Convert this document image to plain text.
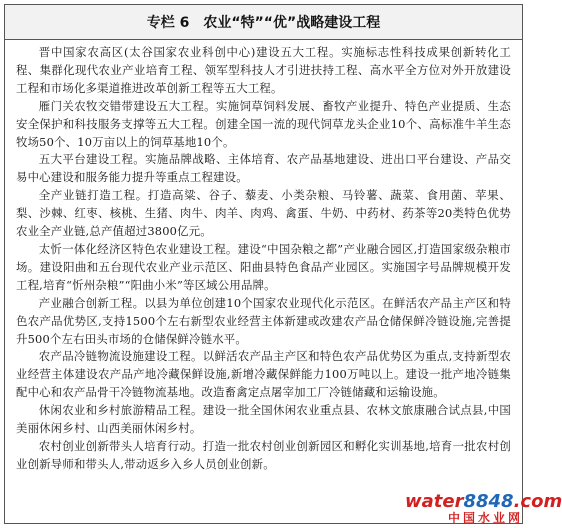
专栏 6 农业“特”“优”战略建设工程

晋中国家农高区(太谷国家农业科创中心)建设五大工程。实施标志性科技成果创新转化工程、集群化现代农业产业培育工程、领军型科技人才引进扶持工程、高水平全方位对外开放建设工程和市场化多渠道推进改革创新工程等五大工程。

雁门关农牧交错带建设五大工程。实施饲草饲料发展、畜牧产业提升、特色产业提质、生态安全保护和科技服务支撑等五大工程。创建全国一流的现代饲草龙头企业10个、高标准牛羊生态牧场50个、10万亩以上的饲草基地10个。

五大平台建设工程。实施品牌战略、主体培育、农产品基地建设、进出口平台建设、产品交易中心建设和服务能力提升等重点工程建设。

全产业链打造工程。打造高粱、谷子、藜麦、小类杂粮、马铃薯、蔬菜、食用菌、苹果、梨、沙棘、红枣、核桃、生猪、肉牛、肉羊、肉鸡、禽蛋、牛奶、中药材、药茶等20类特色优势农业全产业链,总产值超过3800亿元。

太忻一体化经济区特色农业建设工程。建设“中国杂粮之都”产业融合园区,打造国家级杂粮市场。建设阳曲和五台现代农业产业示范区、阳曲县特色食品产业园区。实施国字号品牌规模开发工程,培育“忻州杂粮”“阳曲小米”等区域公用品牌。

产业融合创新工程。以县为单位创建10个国家农业现代化示范区。在鲜活农产品主产区和特色农产品优势区,支持1500个左右新型农业经营主体新建或改建农产品仓储保鲜冷链设施,完善提升500个左右田头市场的仓储保鲜冷链水平。

农产品冷链物流设施建设工程。以鲜活农产品主产区和特色农产品优势区为重点,支持新型农业经营主体建设农产品产地冷藏保鲜设施,新增冷藏保鲜能力100万吨以上。建设一批产地冷链集配中心和农产品骨干冷链物流基地。改造畜禽定点屠宰加工厂冷链储藏和运输设施。

休闲农业和乡村旅游精品工程。建设一批全国休闲农业重点县、农林文旅康融合试点县,中国美丽休闲乡村、山西美丽休闲乡村。

农村创业创新带头人培育行动。打造一批农村创业创新园区和孵化实训基地,培育一批农村创业创新导师和带头人,带动返乡入乡人员创业创新。

water8848.com
中国水业网
